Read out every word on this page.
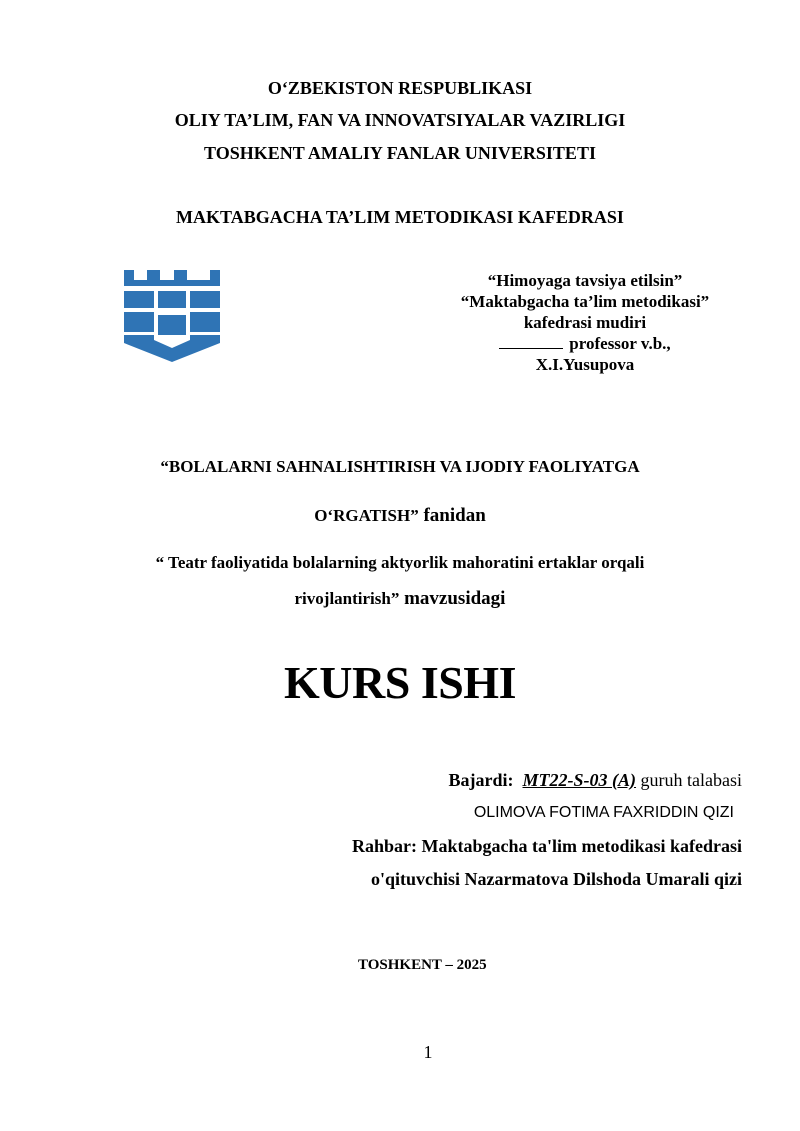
O‘ZBEKISTON RESPUBLIKASI
OLIY TA’LIM, FAN VA INNOVATSIYALAR VAZIRLIGI
TOSHKENT AMALIY FANLAR UNIVERSITETI
MAKTABGACHA TA’LIM METODIKASI KAFEDRASI
“Himoyaga tavsiya etilsin”
“Maktabgacha ta’lim metodikasi”
kafedrasi mudiri
professor v.b.,
X.I.Yusupova
“BOLALARNI SAHNALISHTIRISH VA IJODIY FAOLIYATGA
O‘RGATISH” fanidan
“ Teatr faoliyatida bolalarning aktyorlik mahoratini ertaklar orqali
rivojlantirish” mavzusidagi
KURS ISHI
Bajardi: MT22-S-03 (A) guruh talabasi
OLIMOVA FOTIMA FAXRIDDIN QIZI
Rahbar: Maktabgacha ta'lim metodikasi kafedrasi
o'qituvchisi Nazarmatova Dilshoda Umarali qizi
TOSHKENT – 2025
1
